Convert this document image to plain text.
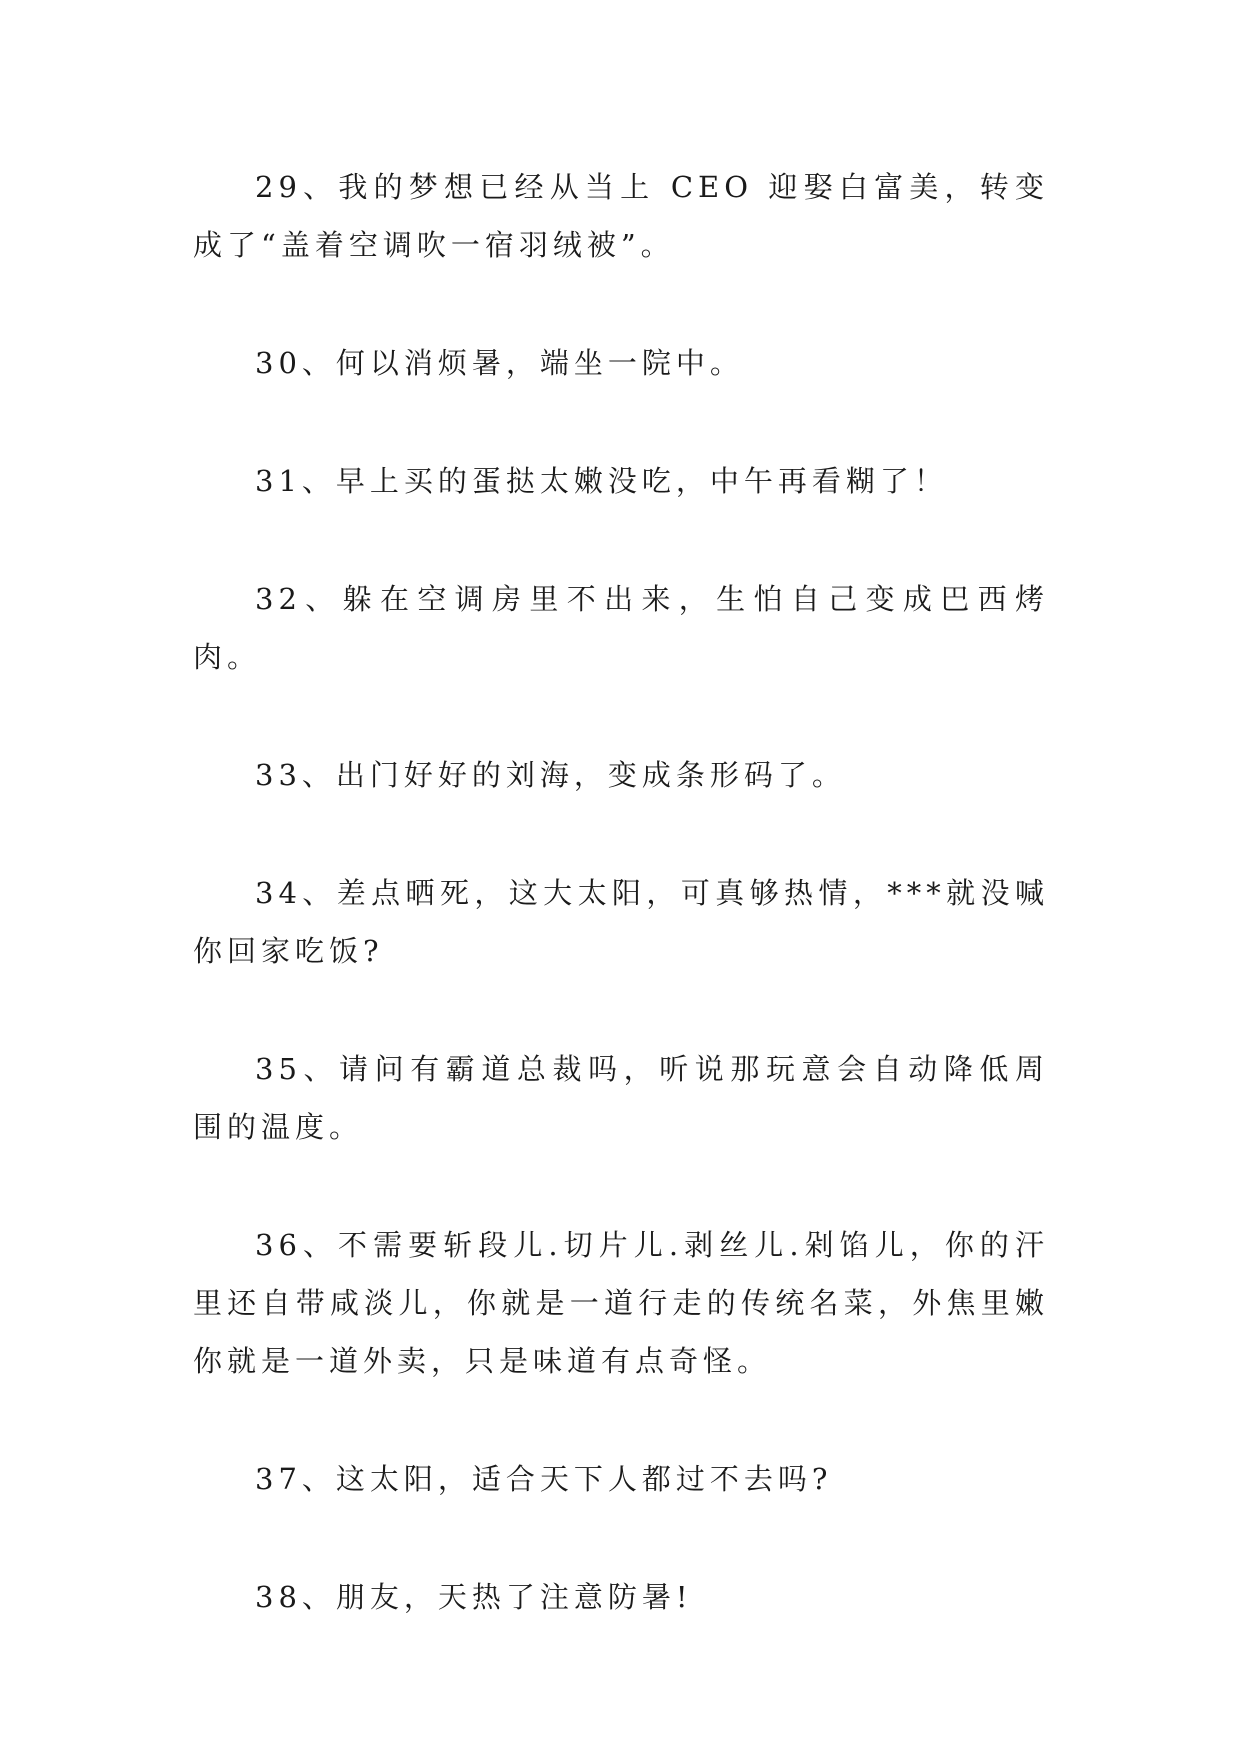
29、我的梦想已经从当上 CEO 迎娶白富美，转变成了“盖着空调吹一宿羽绒被”。

30、何以消烦暑，端坐一院中。

31、早上买的蛋挞太嫩没吃，中午再看糊了！

32、躲在空调房里不出来，生怕自己变成巴西烤肉。

33、出门好好的刘海，变成条形码了。

34、差点晒死，这大太阳，可真够热情，***就没喊你回家吃饭?

35、请问有霸道总裁吗，听说那玩意会自动降低周围的温度。

36、不需要斩段儿.切片儿.剥丝儿.剁馅儿，你的汗里还自带咸淡儿，你就是一道行走的传统名菜，外焦里嫩你就是一道外卖，只是味道有点奇怪。

37、这太阳，适合天下人都过不去吗?

38、朋友，天热了注意防暑!
